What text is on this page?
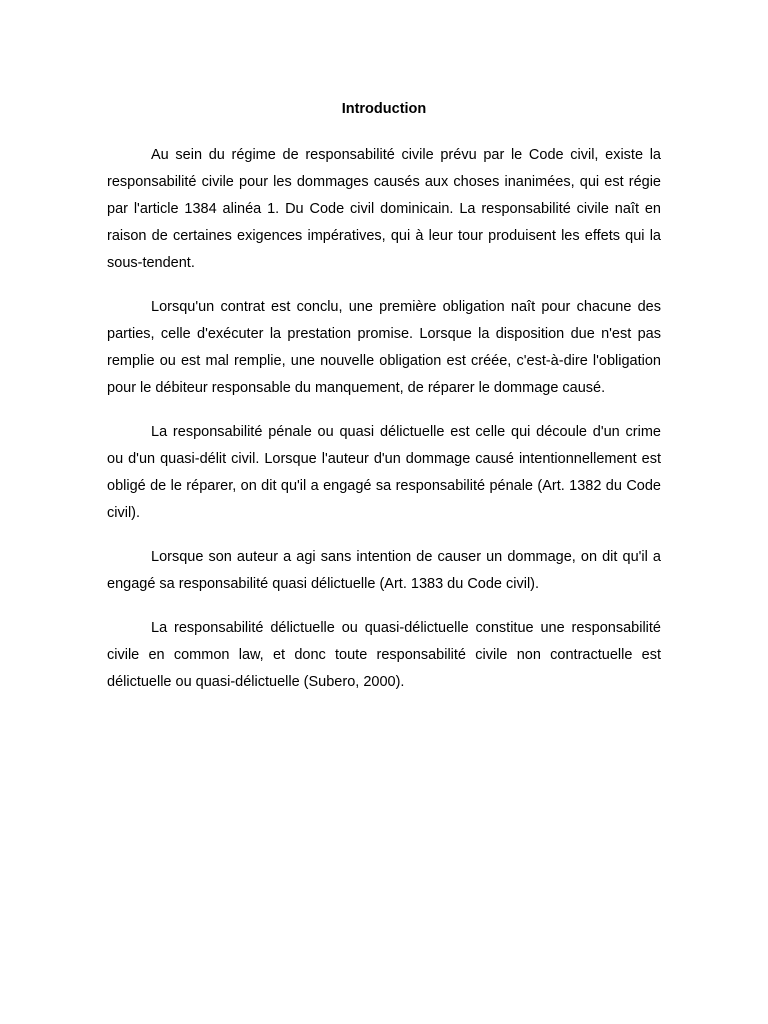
Introduction

Au sein du régime de responsabilité civile prévu par le Code civil, existe la responsabilité civile pour les dommages causés aux choses inanimées, qui est régie par l'article 1384 alinéa 1. Du Code civil dominicain. La responsabilité civile naît en raison de certaines exigences impératives, qui à leur tour produisent les effets qui la sous-tendent.

Lorsqu'un contrat est conclu, une première obligation naît pour chacune des parties, celle d'exécuter la prestation promise. Lorsque la disposition due n'est pas remplie ou est mal remplie, une nouvelle obligation est créée, c'est-à-dire l'obligation pour le débiteur responsable du manquement, de réparer le dommage causé.

La responsabilité pénale ou quasi délictuelle est celle qui découle d'un crime ou d'un quasi-délit civil. Lorsque l'auteur d'un dommage causé intentionnellement est obligé de le réparer, on dit qu'il a engagé sa responsabilité pénale (Art. 1382 du Code civil).

Lorsque son auteur a agi sans intention de causer un dommage, on dit qu'il a engagé sa responsabilité quasi délictuelle (Art. 1383 du Code civil).

La responsabilité délictuelle ou quasi-délictuelle constitue une responsabilité civile en common law, et donc toute responsabilité civile non contractuelle est délictuelle ou quasi-délictuelle (Subero, 2000).
